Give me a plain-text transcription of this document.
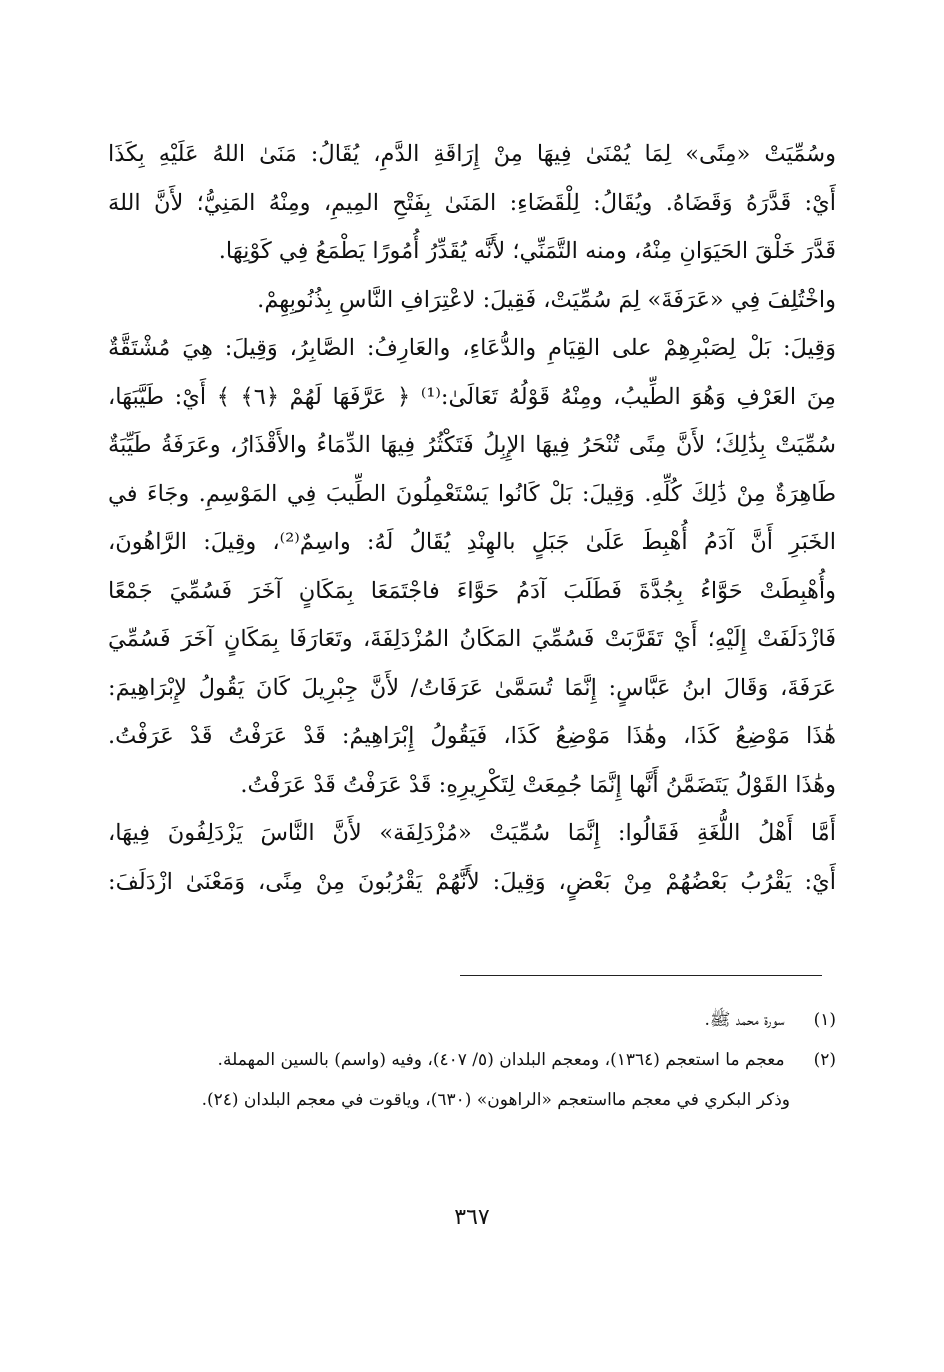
وسُمِّيَتْ «مِنًى» لِمَا يُمْنَىٰ فِيهَا مِنْ إِرَاقَةِ الدَّمِ، يُقَالُ: مَنَىٰ اللهُ عَلَيْهِ بِكَذَا
أَيْ: قَدَّرَهُ وَقَضَاهُ. ويُقَالُ: لِلْقَضَاءِ: المَنَىٰ بِفَتْحِ المِيمِ، ومِنْهُ المَنِيُّ؛ لأَنَّ اللهَ
قَدَّرَ خَلْقَ الحَيَوَانِ مِنْهُ، ومنه التَّمَنِّي؛ لأَنَّه يُقَدِّرُ أُمُورًا يَطْمَعُ فِي كَوْنِهَا.
واخْتُلِفَ فِي «عَرَفَةَ» لِمَ سُمِّيَتْ، فَقِيلَ: لاعْتِرَافِ النَّاسِ بِذُنُوبِهِمْ.
وَقِيلَ: بَلْ لِصَبْرِهِمْ على القِيَامِ والدُّعَاءِ، والعَارِفُ: الصَّابِرُ، وَقِيلَ: هِيَ مُشْتَقَّةٌ
مِنَ العَرْفِ وَهُوَ الطِّيبُ، ومِنْهُ قَوْلُهُ تَعَالَىٰ:⁽¹⁾ ﴿ عَرَّفَهَا لَهُمْ ﴿٦﴾ ﴾ أَيْ: طَيَّبَهَا،
سُمِّيَتْ بِذَٰلِكَ؛ لأَنَّ مِنًى تُنْحَرُ فِيهَا الإِبِلُ فَتَكْثُرُ فِيهَا الدِّمَاءُ والأَقْذَارُ، وعَرَفَةُ طَيِّبَةٌ
طَاهِرَةٌ مِنْ ذَٰلِكَ كُلِّهِ. وَقِيلَ: بَلْ كَانُوا يَسْتَعْمِلُونَ الطِّيبَ فِي المَوْسِمِ. وجَاءَ في
الخَبَرِ أَنَّ آدَمُ أُهْبِطَ عَلَىٰ جَبَلٍ بالهِنْدِ يُقَالُ لَهُ: واسِمٌ⁽²⁾، وقِيلَ: الرَّاهُونَ،
وأُهْبِطَتْ حَوَّاءُ بِجُدَّةَ فَطَلَبَ آدَمُ حَوَّاءَ فاجْتَمَعَا بِمَكَانٍ آخَرَ فَسُمِّيَ جَمْعًا
فَازْدَلَفَتْ إِلَيْهِ؛ أَيْ تَقَرَّبَتْ فَسُمِّيَ المَكَانُ المُزْدَلِفَةَ، وتَعَارَفَا بِمَكَانٍ آخَرَ فَسُمِّيَ
عَرَفَةَ، وَقَالَ ابنُ عَبَّاسٍ: إِنَّمَا تُسَمَّىٰ عَرَفَاتُ/ لأَنَّ جِبْرِيلَ كَانَ يَقُولُ لإِبْرَاهِيمَ:
هَٰذَا مَوْضِعُ كَذَا، وهَٰذَا مَوْضِعُ كَذَا، فَيَقُولُ إِبْرَاهِيمُ: قَدْ عَرَفْتُ قَدْ عَرَفْتُ.
وهَٰذَا القَوْلُ يَتَضَمَّنُ أَنَّها إِنَّمَا جُمِعَتْ لِتَكْرِيرِهِ: قَدْ عَرَفْتُ قَدْ عَرَفْتُ.
أَمَّا أَهْلُ اللُّغَةِ فَقَالُوا: إِنَّمَا سُمِّيَتْ «مُزْدَلِفَة» لأَنَّ النَّاسَ يَزْدَلِفُونَ فِيهَا،
أَيْ: يَقْرُبُ بَعْضُهُمْ مِنْ بَعْضٍ، وَقِيلَ: لأَنَّهُمْ يَقْرُبُونَ مِنْ مِنًى، وَمَعْنَىٰ ازْدَلَفَ:
(١) سورة محمد ﷺ.
(٢) معجم ما استعجم (١٣٦٤)، ومعجم البلدان (٥/ ٤٠٧)، وفيه (واسم) بالسين المهملة.
وذكر البكري في معجم مااستعجم «الراهون» (٦٣٠)، وياقوت في معجم البلدان (٢٤).
٣٦٧
